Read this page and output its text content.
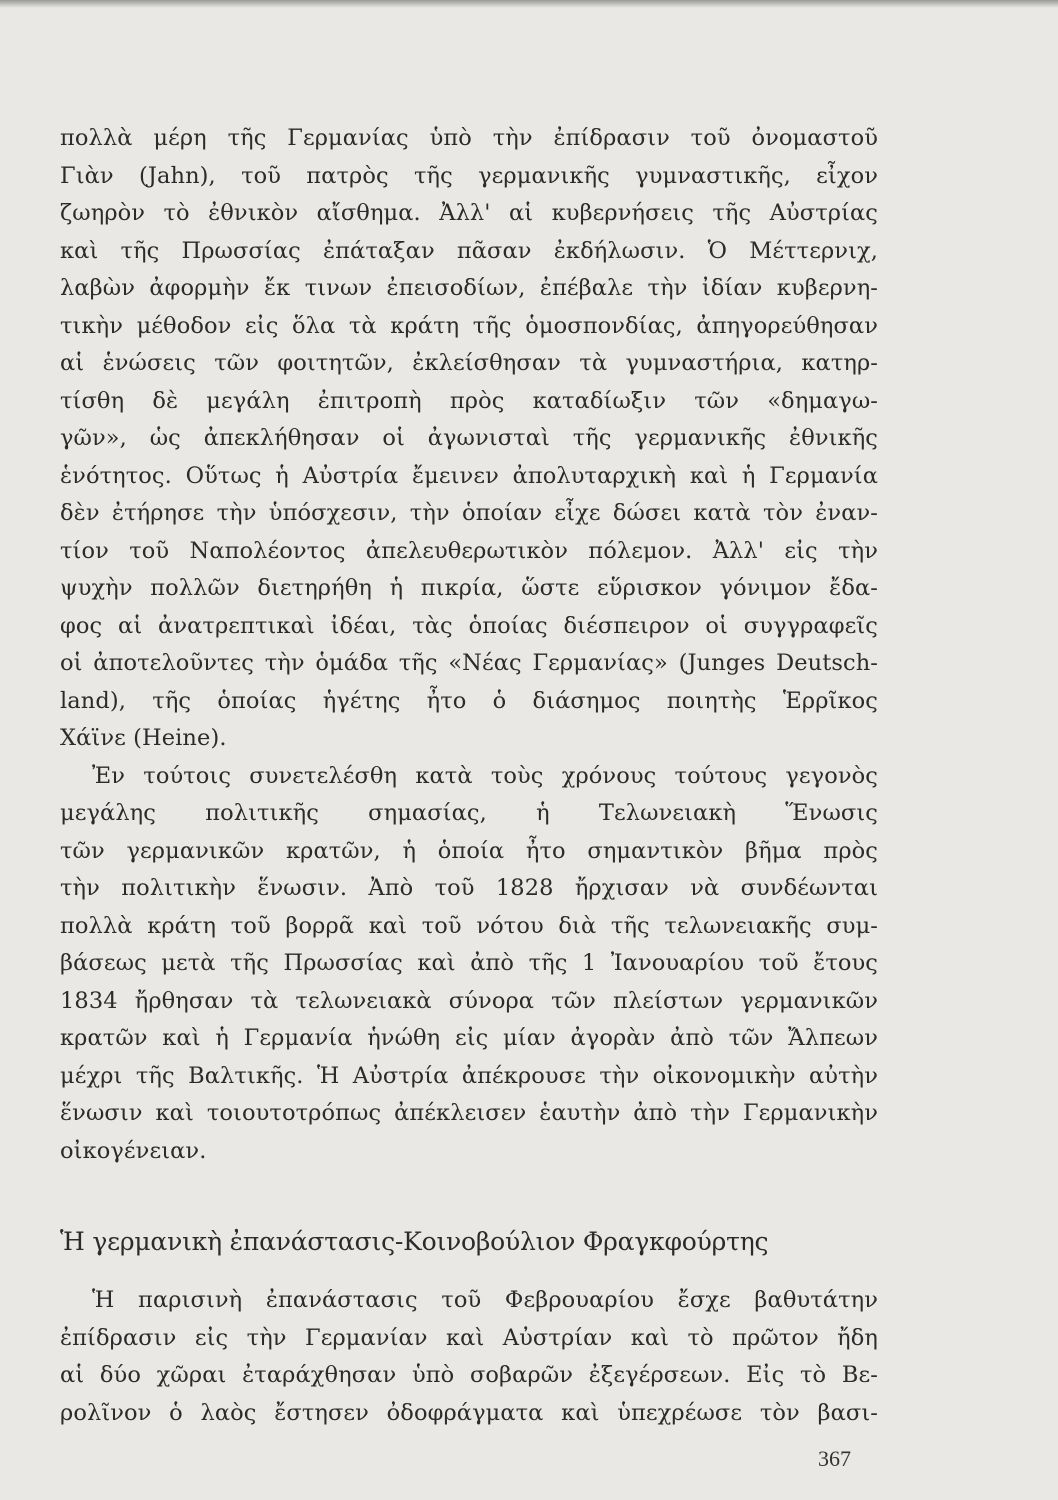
πολλὰ μέρη τῆς Γερμανίας ὑπὸ τὴν ἐπίδρασιν τοῦ ὀνομαστοῦ
Γιὰν (Jahn), τοῦ πατρὸς τῆς γερμανικῆς γυμναστικῆς, εἶχον
ζωηρὸν τὸ ἐθνικὸν αἴσθημα. Ἀλλ' αἱ κυβερνήσεις τῆς Αὐστρίας
καὶ τῆς Πρωσσίας ἐπάταξαν πᾶσαν ἐκδήλωσιν. Ὁ Μέττερνιχ,
λαβὼν ἀφορμὴν ἔκ τινων ἐπεισοδίων, ἐπέβαλε τὴν ἰδίαν κυβερνη-
τικὴν μέθοδον εἰς ὅλα τὰ κράτη τῆς ὁμοσπονδίας, ἀπηγορεύθησαν
αἱ ἑνώσεις τῶν φοιτητῶν, ἐκλείσθησαν τὰ γυμναστήρια, κατηρ-
τίσθη δὲ μεγάλη ἐπιτροπὴ πρὸς καταδίωξιν τῶν «δημαγω-
γῶν», ὡς ἀπεκλήθησαν οἱ ἀγωνισταὶ τῆς γερμανικῆς ἐθνικῆς
ἑνότητος. Οὕτως ἡ Αὐστρία ἔμεινεν ἀπολυταρχικὴ καὶ ἡ Γερμανία
δὲν ἐτήρησε τὴν ὑπόσχεσιν, τὴν ὁποίαν εἶχε δώσει κατὰ τὸν ἐναν-
τίον τοῦ Ναπολέοντος ἀπελευθερωτικὸν πόλεμον. Ἀλλ' εἰς τὴν
ψυχὴν πολλῶν διετηρήθη ἡ πικρία, ὥστε εὕρισκον γόνιμον ἔδα-
φος αἱ ἀνατρεπτικαὶ ἰδέαι, τὰς ὁποίας διέσπειρον οἱ συγγραφεῖς
οἱ ἀποτελοῦντες τὴν ὁμάδα τῆς «Νέας Γερμανίας» (Junges Deutsch-
land), τῆς ὁποίας ἡγέτης ἦτο ὁ διάσημος ποιητὴς Ἑρρῖκος
Χάϊνε (Heine).
Ἐν τούτοις συνετελέσθη κατὰ τοὺς χρόνους τούτους γεγονὸς
μεγάλης πολιτικῆς σημασίας, ἡ Τελωνειακὴ Ἕνωσις
τῶν γερμανικῶν κρατῶν, ἡ ὁποία ἦτο σημαντικὸν βῆμα πρὸς
τὴν πολιτικὴν ἕνωσιν. Ἀπὸ τοῦ 1828 ἤρχισαν νὰ συνδέωνται
πολλὰ κράτη τοῦ βορρᾶ καὶ τοῦ νότου διὰ τῆς τελωνειακῆς συμ-
βάσεως μετὰ τῆς Πρωσσίας καὶ ἀπὸ τῆς 1 Ἰανουαρίου τοῦ ἔτους
1834 ἤρθησαν τὰ τελωνειακὰ σύνορα τῶν πλείστων γερμανικῶν
κρατῶν καὶ ἡ Γερμανία ἡνώθη εἰς μίαν ἀγορὰν ἀπὸ τῶν Ἄλπεων
μέχρι τῆς Βαλτικῆς. Ἡ Αὐστρία ἀπέκρουσε τὴν οἰκονομικὴν αὐτὴν
ἕνωσιν καὶ τοιουτοτρόπως ἀπέκλεισεν ἑαυτὴν ἀπὸ τὴν Γερμανικὴν
οἰκογένειαν.
Ἡ γερμανικὴ ἐπανάστασις-Κοινοβούλιον Φραγκφούρτης
Ἡ παρισινὴ ἐπανάστασις τοῦ Φεβρουαρίου ἔσχε βαθυτάτην
ἐπίδρασιν εἰς τὴν Γερμανίαν καὶ Αὐστρίαν καὶ τὸ πρῶτον ἤδη
αἱ δύο χῶραι ἐταράχθησαν ὑπὸ σοβαρῶν ἐξεγέρσεων. Εἰς τὸ Βε-
ρολῖνον ὁ λαὸς ἔστησεν ὀδοφράγματα καὶ ὑπεχρέωσε τὸν βασι-
367
